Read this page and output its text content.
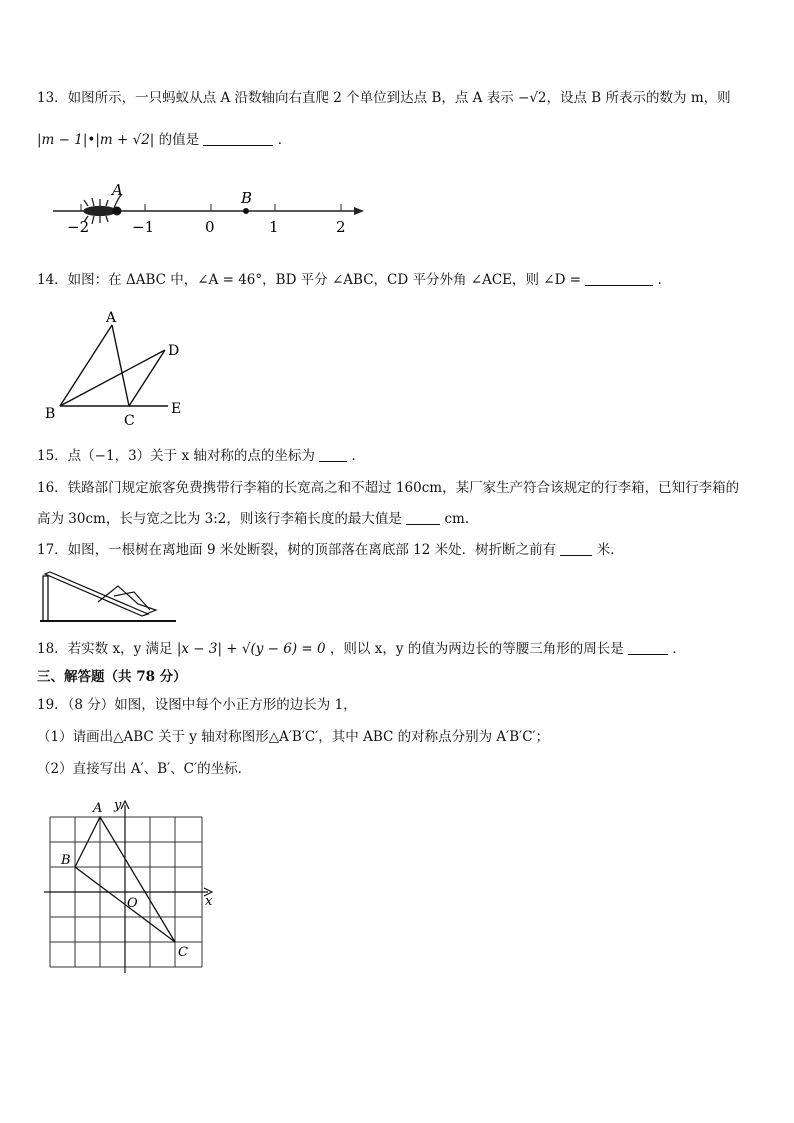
13．如图所示，一只蚂蚁从点 A 沿数轴向右直爬 2 个单位到达点 B，点 A 表示 −√2，设点 B 所表示的数为 m，则
|m − 1|•|m + √2| 的值是	．
A	B
−2	−1	0	1	2
14．如图：在 ΔABC 中，∠A = 46°，BD 平分 ∠ABC，CD 平分外角 ∠ACE，则 ∠D =	．
A
B	C
D
E
15．点（−1，3）关于 x 轴对称的点的坐标为	．
16．铁路部门规定旅客免费携带行李箱的长宽高之和不超过 160cm，某厂家生产符合该规定的行李箱，已知行李箱的
高为 30cm，长与宽之比为 3:2，则该行李箱长度的最大值是	cm.
17．如图，一根树在离地面 9 米处断裂，树的顶部落在离底部 12 米处．树折断之前有	米．
18．若实数 x，y 满足 |x − 3| + √(y − 6) = 0 ，则以 x，y 的值为两边长的等腰三角形的周长是	．
三、解答题（共 78 分）
19．（8 分）如图，设图中每个小正方形的边长为 1，
（1）请画出△ABC 关于 y 轴对称图形△A′B′C′，其中 ABC 的对称点分别为 A′B′C′；
（2）直接写出 A′、B′、C′的坐标．
A
B
C
O	x
y
